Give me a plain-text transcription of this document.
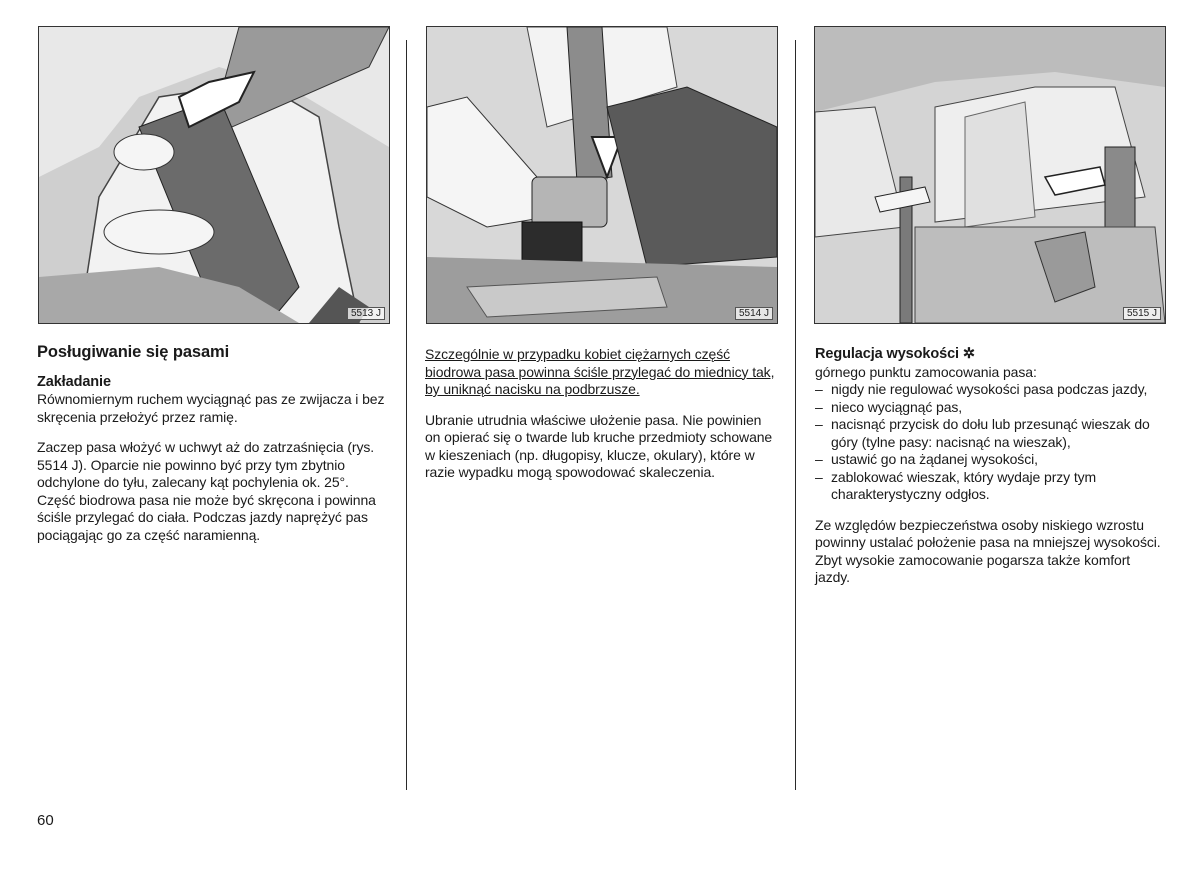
5513 J	5514 J	5515 J
Posługiwanie się pasami
Zakładanie

Równomiernym ruchem wyciągnąć pas ze zwijacza i bez skręcenia przełożyć przez ramię.

Zaczep pasa włożyć w uchwyt aż do zatrzaśnięcia (rys. 5514 J). Oparcie nie powinno być przy tym zbytnio odchylone do tyłu, zalecany kąt pochylenia ok. 25°. Część biodrowa pasa nie może być skręcona i powinna ściśle przylegać do ciała. Podczas jazdy naprężyć pas pociągając go za część naramienną.

Szczególnie w przypadku kobiet ciężarnych część biodrowa pasa powinna ściśle przylegać do miednicy tak, by uniknąć nacisku na podbrzusze.

Ubranie utrudnia właściwe ułożenie pasa. Nie powinien on opierać się o twarde lub kruche przedmioty schowane w kieszeniach (np. długopisy, klucze, okulary), które w razie wypadku mogą spowodować skaleczenia.

Regulacja wysokości ✲
górnego punktu zamocowania pasa:
– nigdy nie regulować wysokości pasa podczas jazdy,
– nieco wyciągnąć pas,
– nacisnąć przycisk do dołu lub przesunąć wieszak do góry (tylne pasy: nacisnąć na wieszak),
– ustawić go na żądanej wysokości,
– zablokować wieszak, który wydaje przy tym charakterystyczny odgłos.

Ze względów bezpieczeństwa osoby niskiego wzrostu powinny ustalać położenie pasa na mniejszej wysokości. Zbyt wysokie zamocowanie pogarsza także komfort jazdy.

60
